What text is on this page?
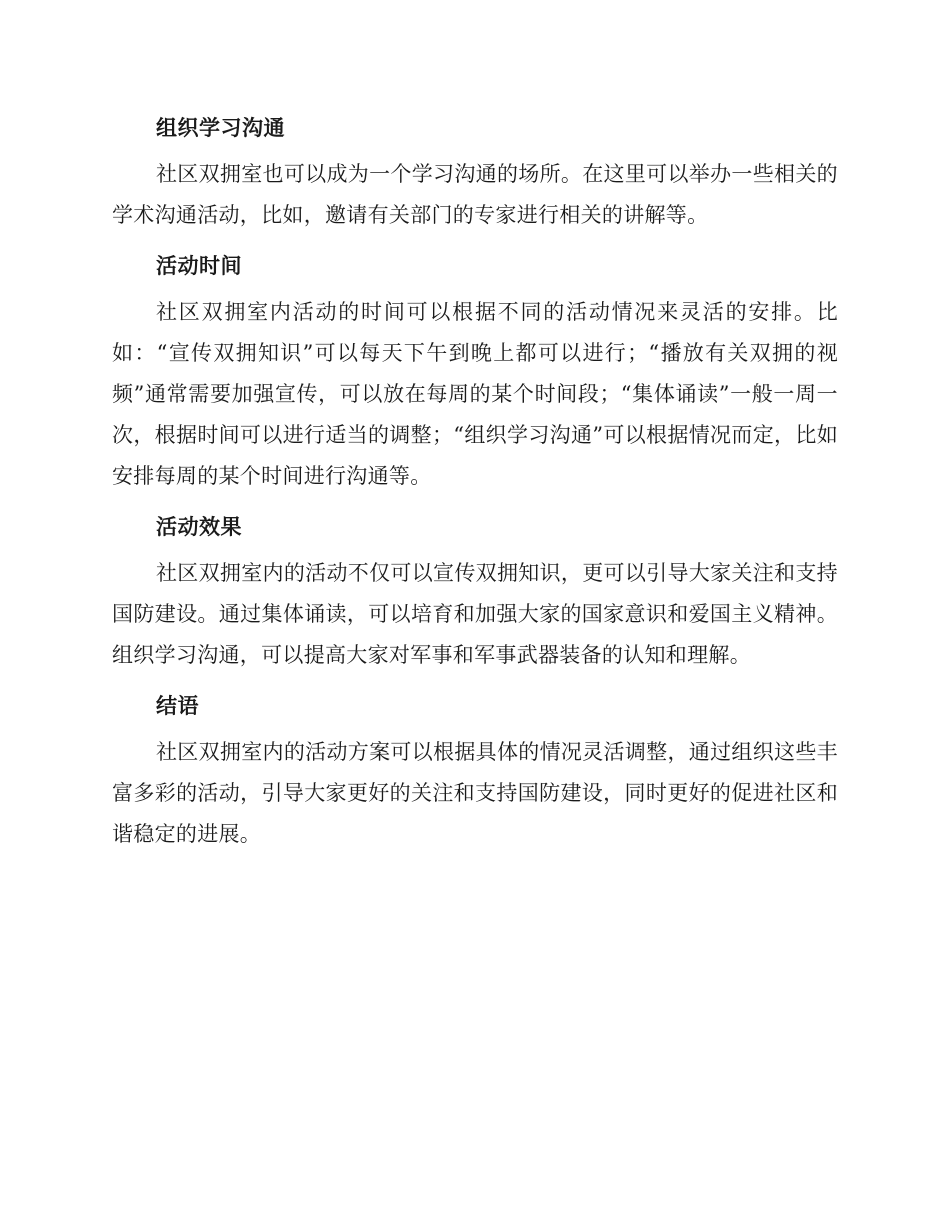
组织学习沟通

社区双拥室也可以成为一个学习沟通的场所。在这里可以举办一些相关的学术沟通活动，比如，邀请有关部门的专家进行相关的讲解等。

活动时间

社区双拥室内活动的时间可以根据不同的活动情况来灵活的安排。比如：“宣传双拥知识”可以每天下午到晚上都可以进行；“播放有关双拥的视频”通常需要加强宣传，可以放在每周的某个时间段；“集体诵读”一般一周一次，根据时间可以进行适当的调整；“组织学习沟通”可以根据情况而定，比如安排每周的某个时间进行沟通等。

活动效果

社区双拥室内的活动不仅可以宣传双拥知识，更可以引导大家关注和支持国防建设。通过集体诵读，可以培育和加强大家的国家意识和爱国主义精神。组织学习沟通，可以提高大家对军事和军事武器装备的认知和理解。

结语

社区双拥室内的活动方案可以根据具体的情况灵活调整，通过组织这些丰富多彩的活动，引导大家更好的关注和支持国防建设，同时更好的促进社区和谐稳定的进展。
